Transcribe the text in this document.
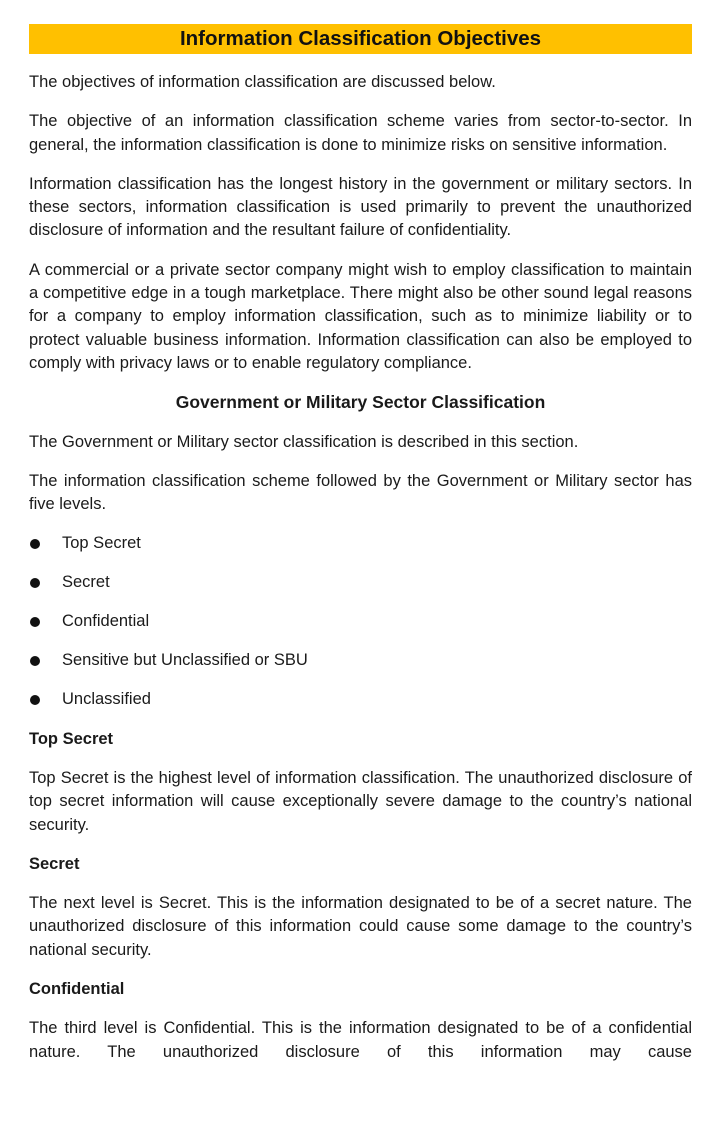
Information Classification Objectives

The objectives of information classification are discussed below.

The objective of an information classification scheme varies from sector-to-sector. In general, the information classification is done to minimize risks on sensitive information.

Information classification has the longest history in the government or military sectors. In these sectors, information classification is used primarily to prevent the unauthorized disclosure of information and the resultant failure of confidentiality.

A commercial or a private sector company might wish to employ classification to maintain a competitive edge in a tough marketplace. There might also be other sound legal reasons for a company to employ information classification, such as to minimize liability or to protect valuable business information. Information classification can also be employed to comply with privacy laws or to enable regulatory compliance.

Government or Military Sector Classification

The Government or Military sector classification is described in this section.

The information classification scheme followed by the Government or Military sector has five levels.

Top Secret
Secret
Confidential
Sensitive but Unclassified or SBU
Unclassified
Top Secret

Top Secret is the highest level of information classification. The unauthorized disclosure of top secret information will cause exceptionally severe damage to the country’s national security.

Secret

The next level is Secret. This is the information designated to be of a secret nature. The unauthorized disclosure of this information could cause some damage to the country’s national security.

Confidential

The third level is Confidential. This is the information designated to be of a confidential nature. The unauthorized disclosure of this information may cause
